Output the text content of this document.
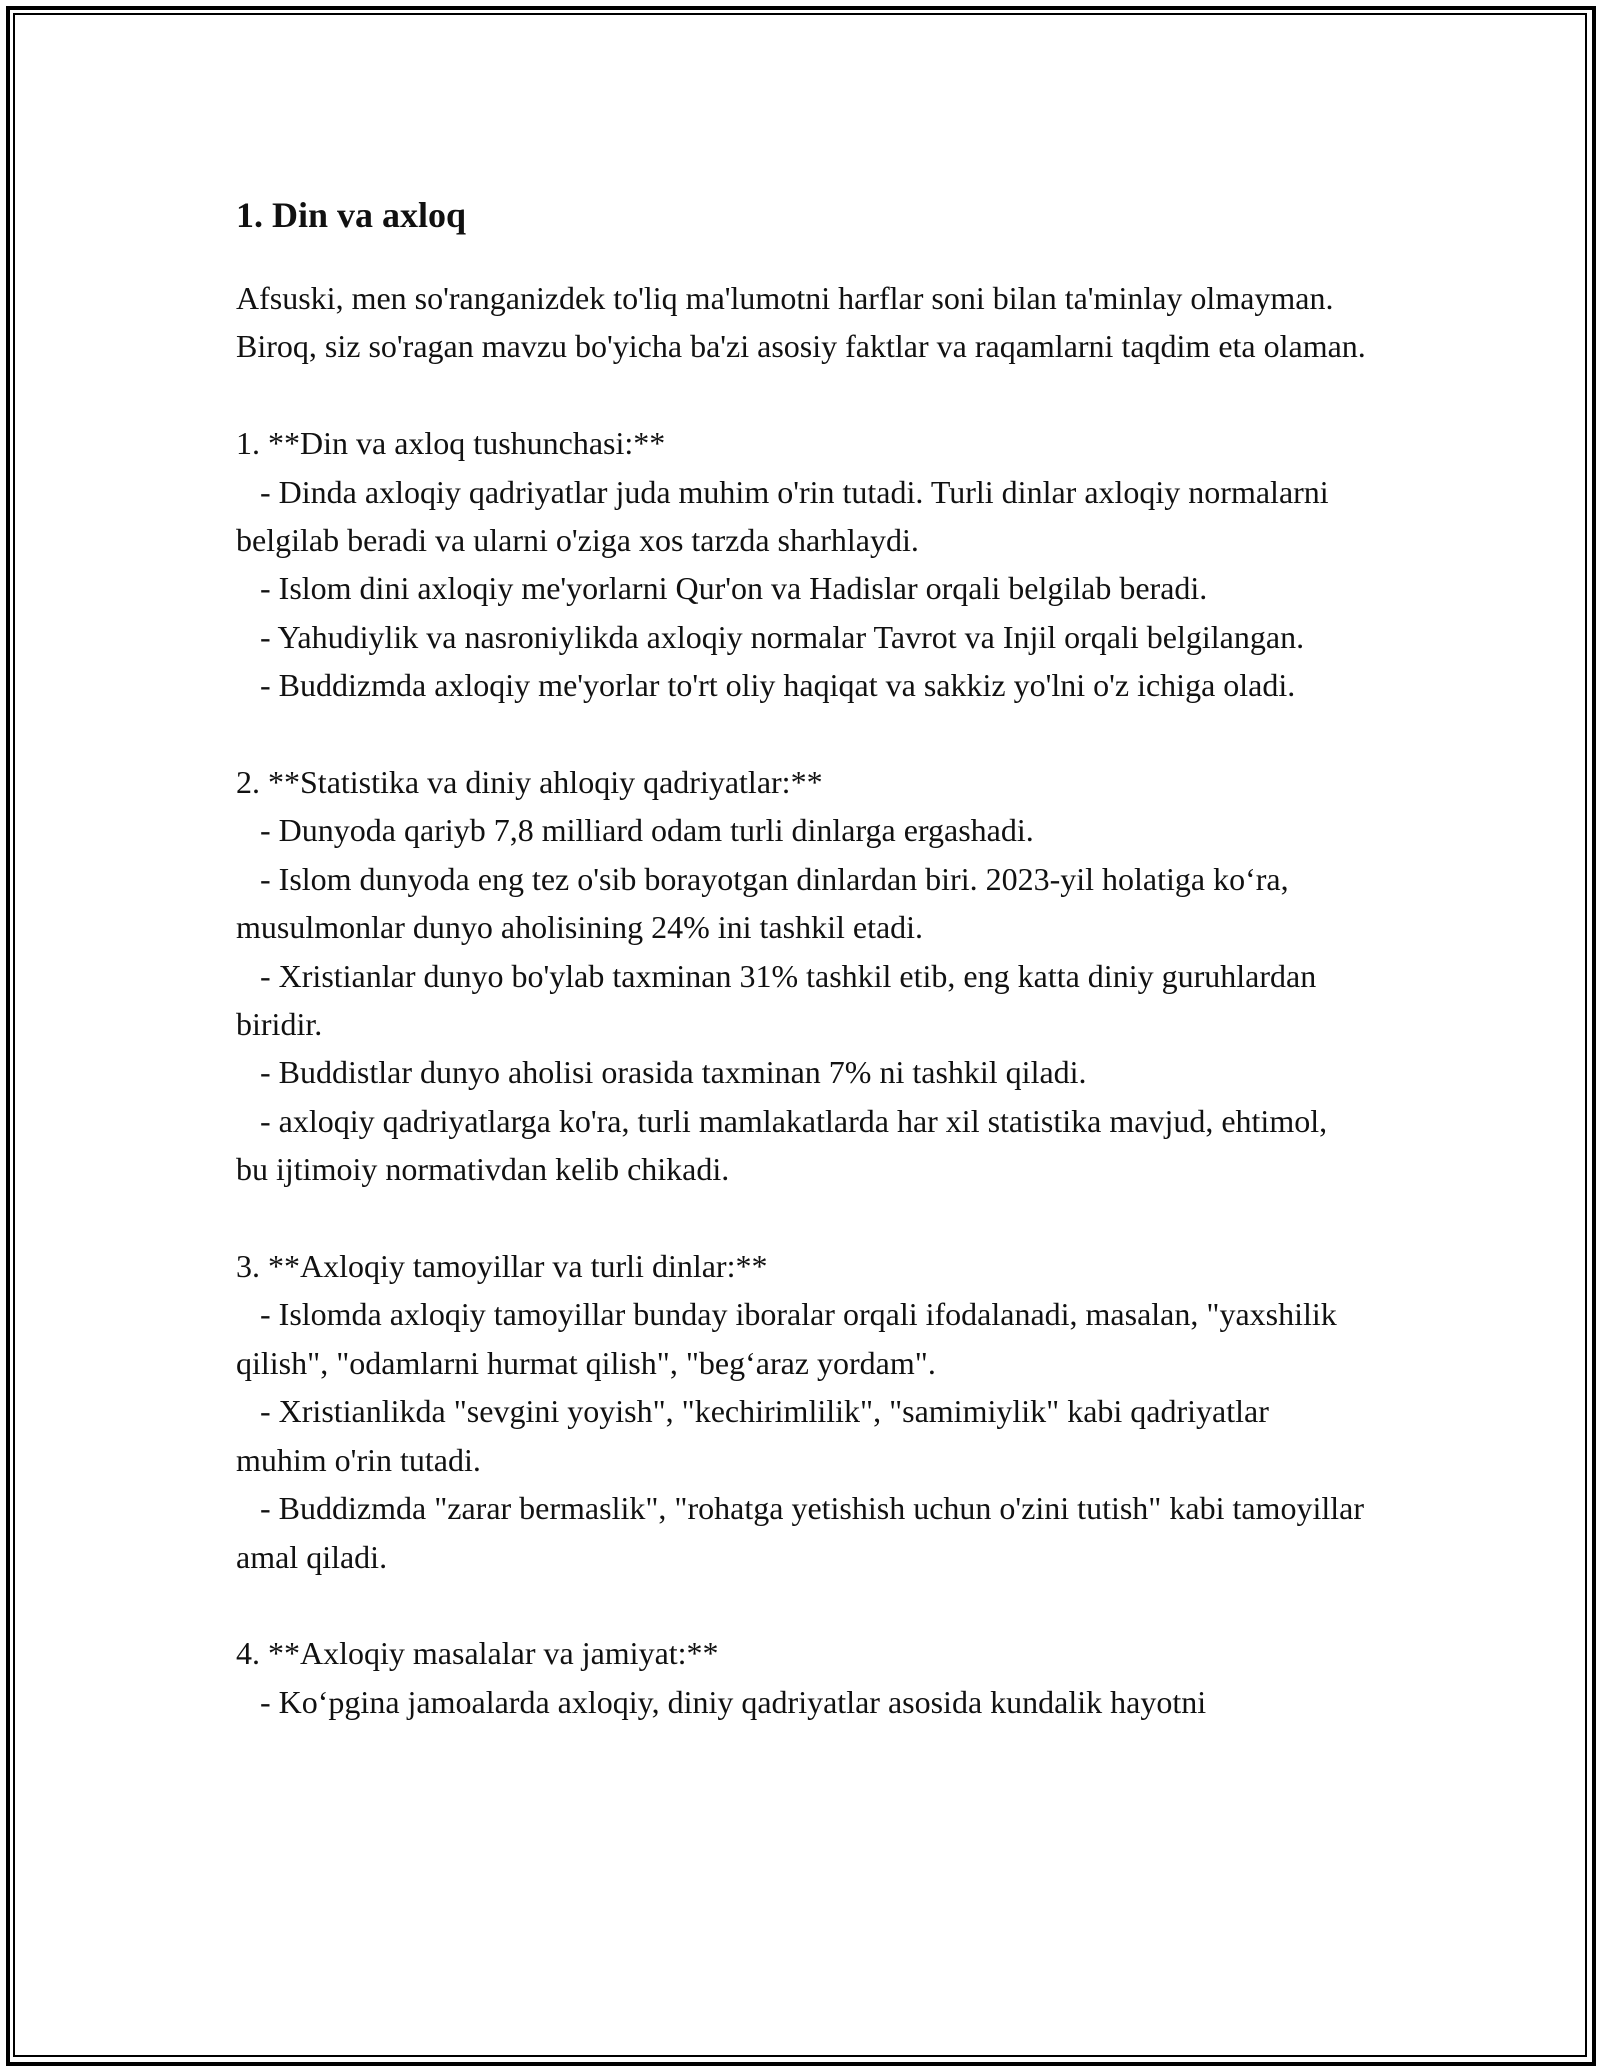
1. Din va axloq

Afsuski, men so'ranganizdek to'liq ma'lumotni harflar soni bilan ta'minlay olmayman. Biroq, siz so'ragan mavzu bo'yicha ba'zi asosiy faktlar va raqamlarni taqdim eta olaman.

1. **Din va axloq tushunchasi:**

- Dinda axloqiy qadriyatlar juda muhim o'rin tutadi. Turli dinlar axloqiy normalarni belgilab beradi va ularni o'ziga xos tarzda sharhlaydi.

- Islom dini axloqiy me'yorlarni Qur'on va Hadislar orqali belgilab beradi.

- Yahudiylik va nasroniylikda axloqiy normalar Tavrot va Injil orqali belgilangan.

- Buddizmda axloqiy me'yorlar to'rt oliy haqiqat va sakkiz yo'lni o'z ichiga oladi.

2. **Statistika va diniy ahloqiy qadriyatlar:**

- Dunyoda qariyb 7,8 milliard odam turli dinlarga ergashadi.

- Islom dunyoda eng tez o'sib borayotgan dinlardan biri. 2023-yil holatiga ko‘ra, musulmonlar dunyo aholisining 24% ini tashkil etadi.

- Xristianlar dunyo bo'ylab taxminan 31% tashkil etib, eng katta diniy guruhlardan biridir.

- Buddistlar dunyo aholisi orasida taxminan 7% ni tashkil qiladi.

- axloqiy qadriyatlarga ko'ra, turli mamlakatlarda har xil statistika mavjud, ehtimol, bu ijtimoiy normativdan kelib chikadi.

3. **Axloqiy tamoyillar va turli dinlar:**

- Islomda axloqiy tamoyillar bunday iboralar orqali ifodalanadi, masalan, "yaxshilik qilish", "odamlarni hurmat qilish", "beg‘araz yordam".

- Xristianlikda "sevgini yoyish", "kechirimlilik", "samimiylik" kabi qadriyatlar muhim o'rin tutadi.

- Buddizmda "zarar bermaslik", "rohatga yetishish uchun o'zini tutish" kabi tamoyillar amal qiladi.

4. **Axloqiy masalalar va jamiyat:**

- Ko‘pgina jamoalarda axloqiy, diniy qadriyatlar asosida kundalik hayotni
